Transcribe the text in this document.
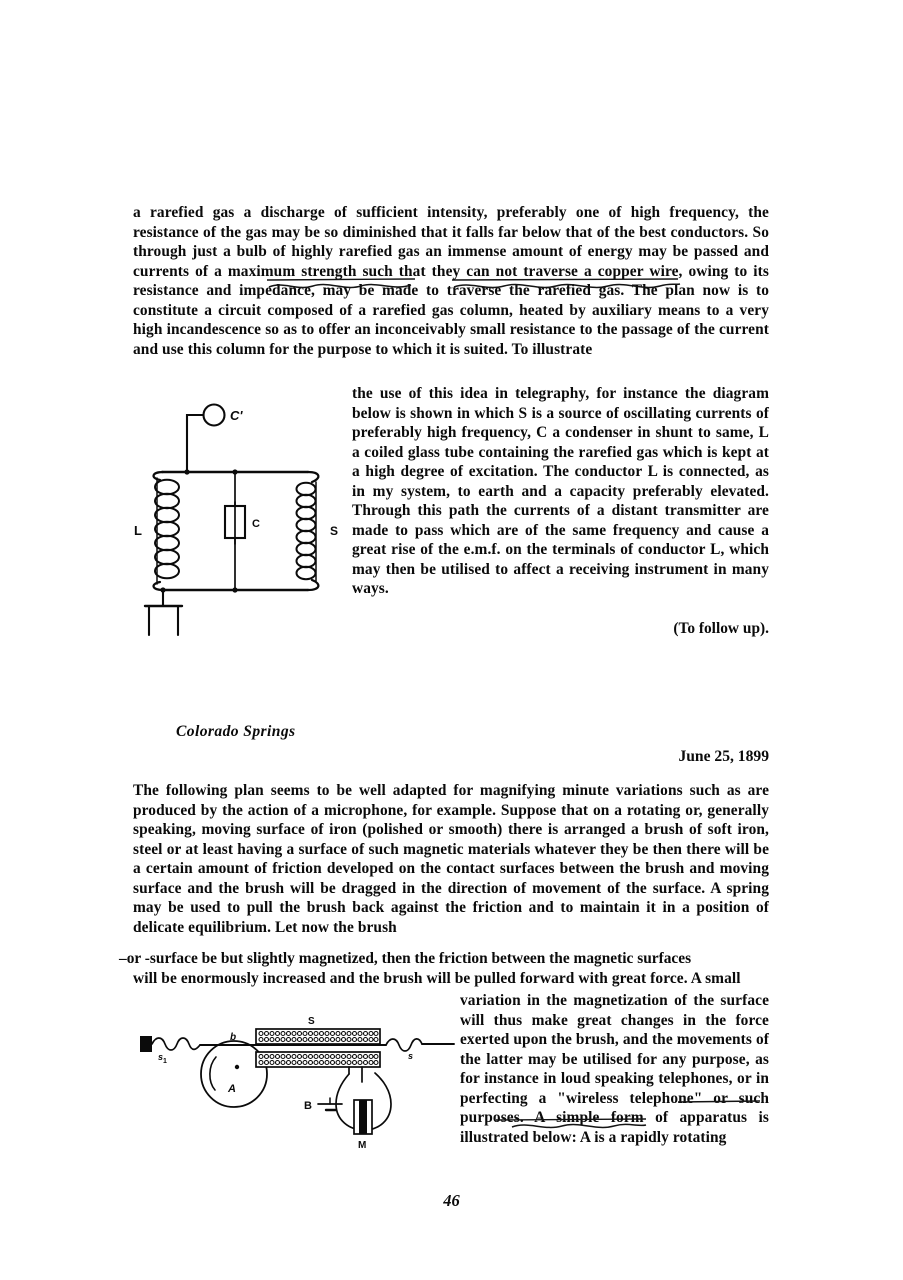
a rarefied gas a discharge of sufficient intensity, preferably one of high frequency, the resistance of the gas may be so diminished that it falls far below that of the best conductors. So through just a bulb of highly rarefied gas an immense amount of energy may be passed and currents of a maximum strength such that they can not traverse a copper wire, owing to its resistance and impedance, may be made to traverse the rarefied gas. The plan now is to constitute a circuit composed of a rarefied gas column, heated by auxiliary means to a very high incandescence so as to offer an inconceivably small resistance to the passage of the current and use this column for the purpose to which it is suited. To illustrate

C'
L	C	S

the use of this idea in telegraphy, for instance the diagram below is shown in which S is a source of oscillating currents of preferably high frequency, C a condenser in shunt to same, L a coiled glass tube containing the rarefied gas which is kept at a high degree of excitation. The conductor L is connected, as in my system, to earth and a capacity preferably elevated. Through this path the currents of a distant transmitter are made to pass which are of the same frequency and cause a great rise of the e.m.f. on the terminals of conductor L, which may then be utilised to affect a receiving instrument in many ways.

(To follow up).
Colorado Springs
June 25, 1899

The following plan seems to be well adapted for magnifying minute variations such as are produced by the action of a microphone, for example. Suppose that on a rotating or, generally speaking, moving surface of iron (polished or smooth) there is arranged a brush of soft iron, steel or at least having a surface of such magnetic materials whatever they be then there will be a certain amount of friction developed on the contact surfaces between the brush and moving surface and the brush will be dragged in the direction of movement of the surface. A spring may be used to pull the brush back against the friction and to maintain it in a position of delicate equilibrium. Let now the brush

–or -surface be but slightly magnetized, then the friction between the magnetic surfaces

will be enormously increased and the brush will be pulled forward with great force. A small

s 1
b
A
S
B
M
s

variation in the magnetization of the surface will thus make great changes in the force exerted upon the brush, and the movements of the latter may be utilised for any purpose, as for instance in loud speaking telephones, or in perfecting a "wireless telephone" or such purposes. A simple form of apparatus is illustrated below: A is a rapidly rotating

46
